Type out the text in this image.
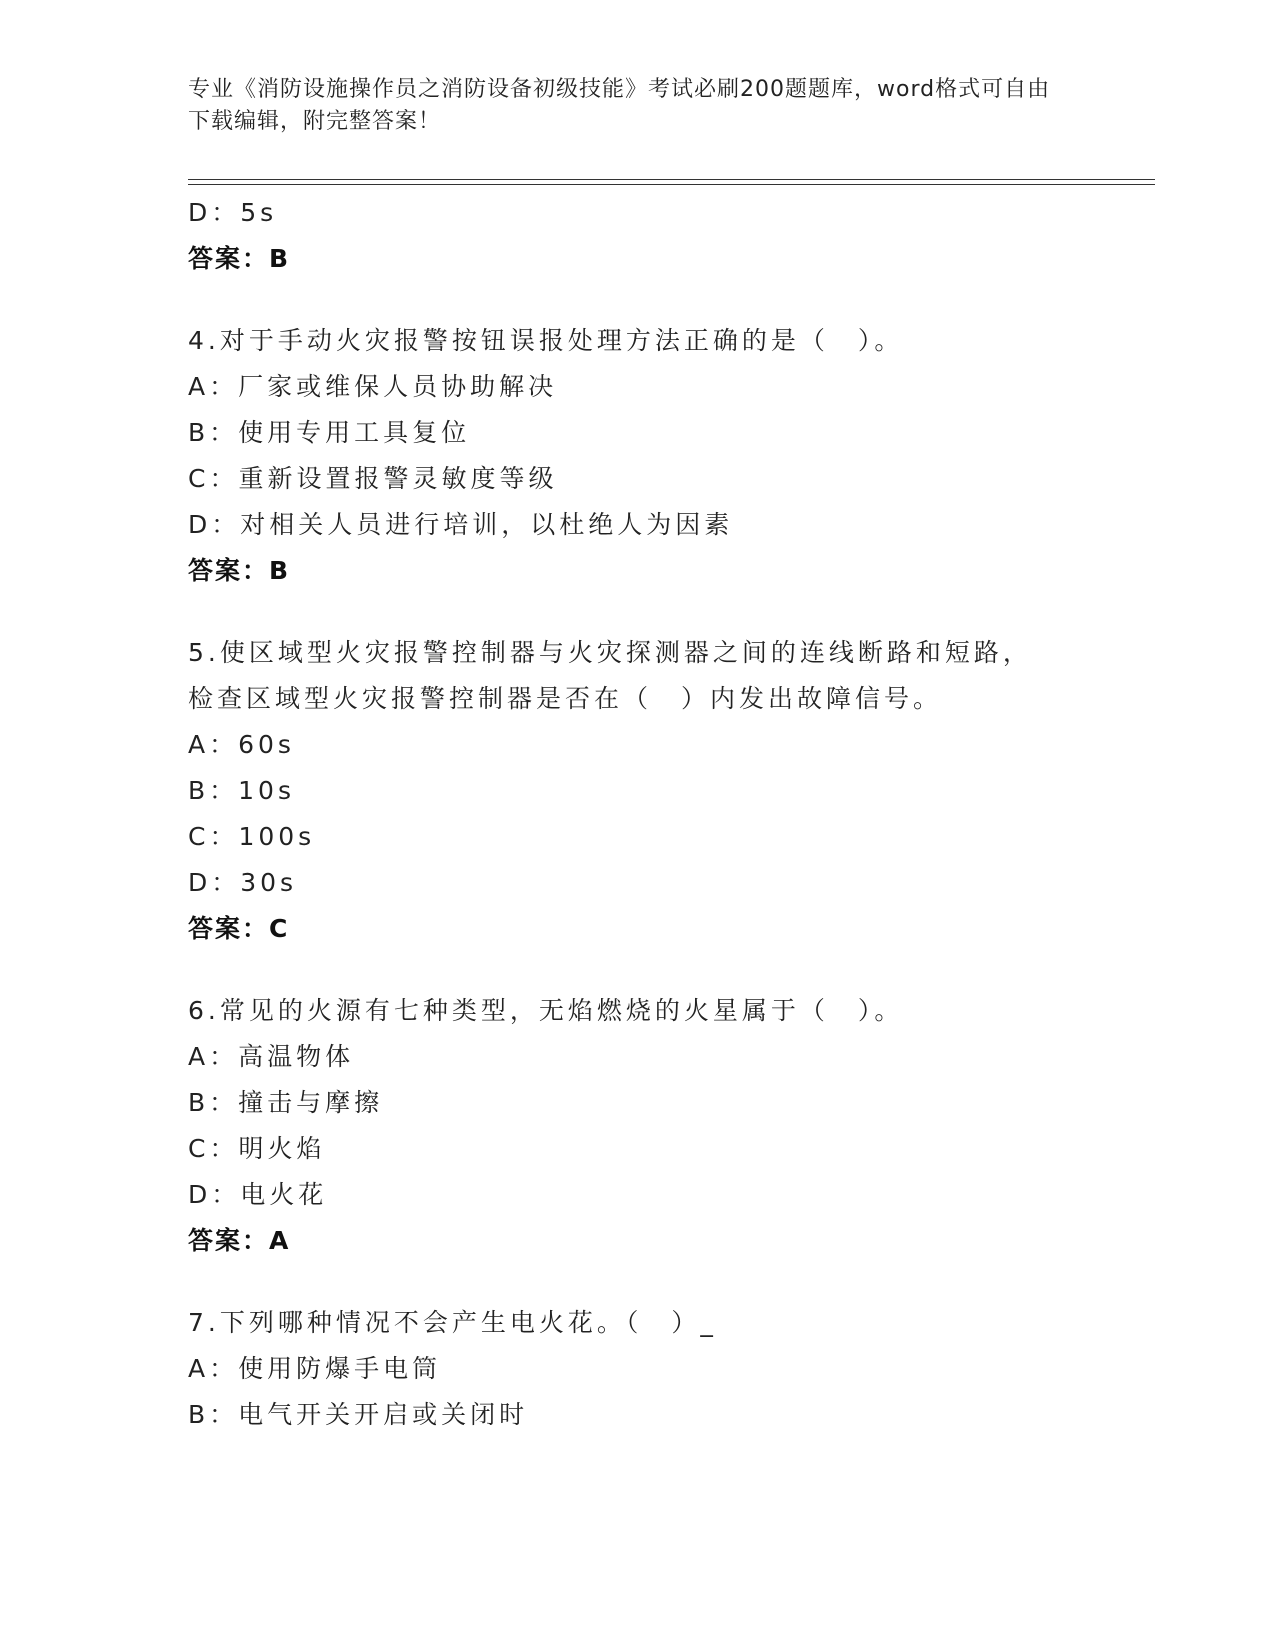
专业《消防设施操作员之消防设备初级技能》考试必刷200题题库，word格式可自由下载编辑，附完整答案！
D：5s
答案：B
4.对于手动火灾报警按钮误报处理方法正确的是（　）。
A：厂家或维保人员协助解决
B：使用专用工具复位
C：重新设置报警灵敏度等级
D：对相关人员进行培训，以杜绝人为因素
答案：B
5.使区域型火灾报警控制器与火灾探测器之间的连线断路和短路，检查区域型火灾报警控制器是否在（　）内发出故障信号。
A：60s
B：10s
C：100s
D：30s
答案：C
6.常见的火源有七种类型，无焰燃烧的火星属于（　）。
A：高温物体
B：撞击与摩擦
C：明火焰
D：电火花
答案：A
7.下列哪种情况不会产生电火花。（　）_
A：使用防爆手电筒
B：电气开关开启或关闭时
